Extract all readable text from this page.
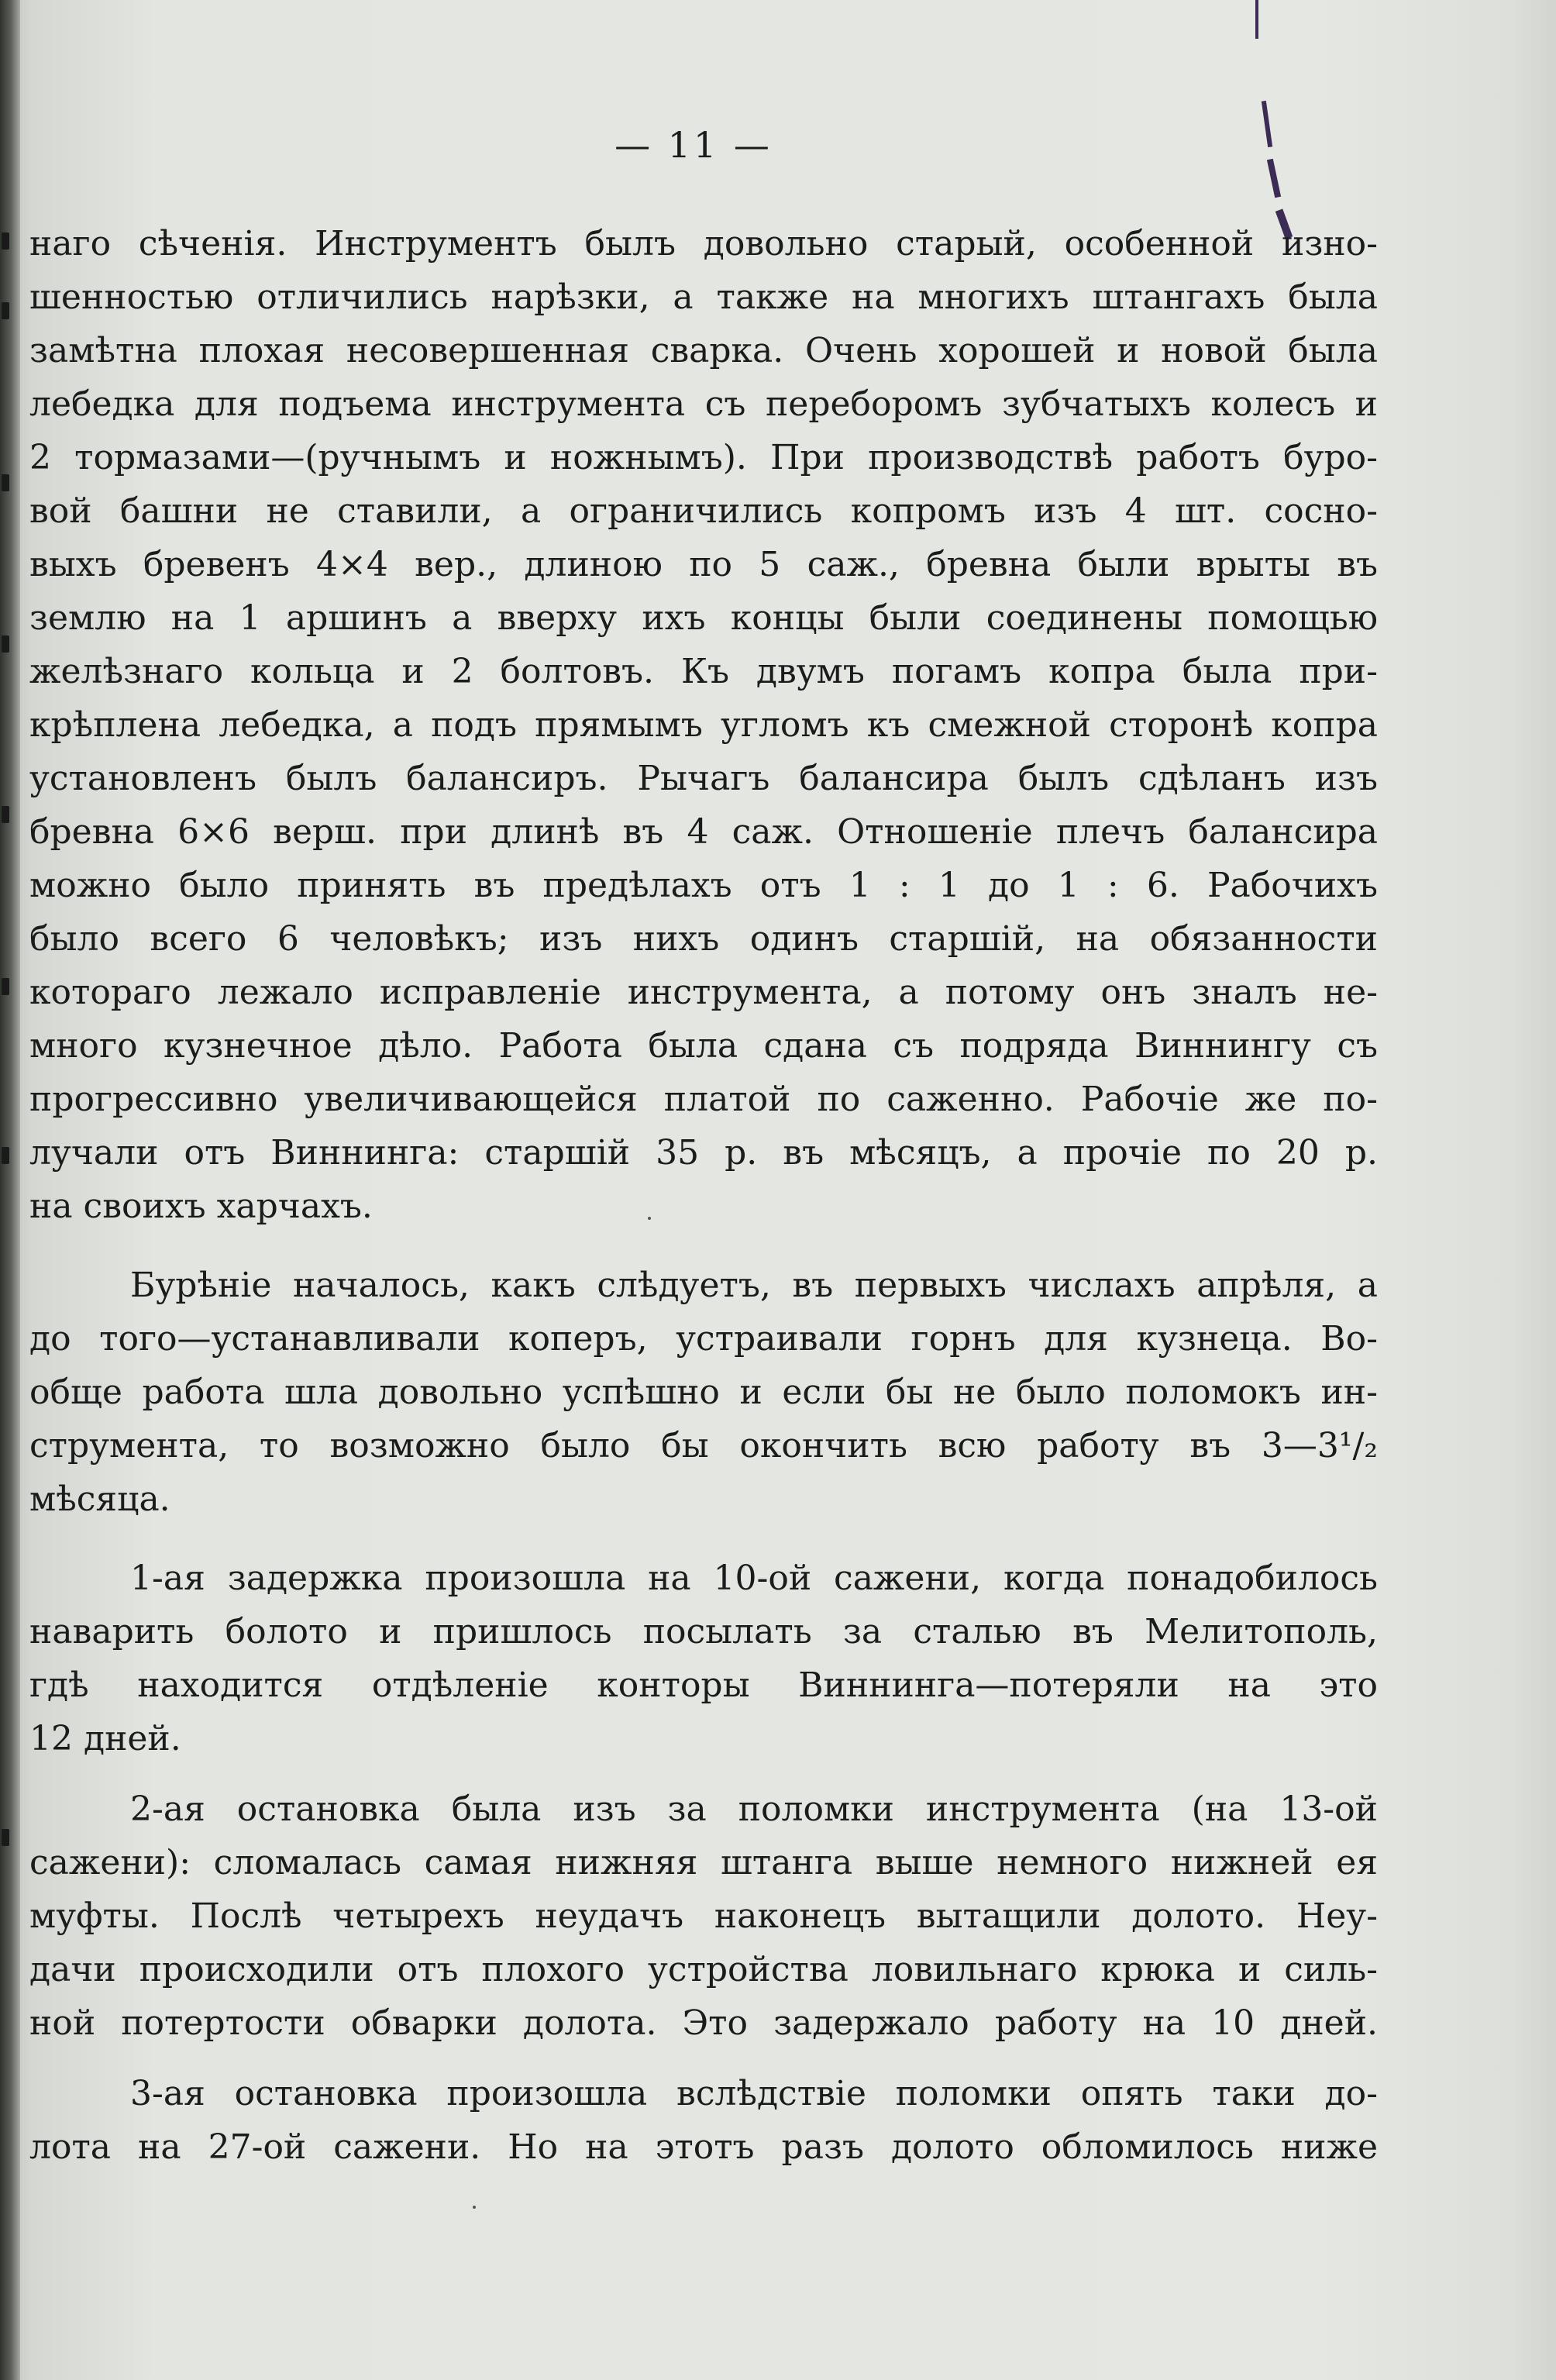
— 11 —
наго сѣченія. Инструментъ былъ довольно старый, особенной изно-
шенностью отличились нарѣзки, а также на многихъ штангахъ была
замѣтна плохая несовершенная сварка. Очень хорошей и новой была
лебедка для подъема инструмента съ переборомъ зубчатыхъ колесъ и
2 тормазами—(ручнымъ и ножнымъ). При производствѣ работъ буро-
вой башни не ставили, а ограничились копромъ изъ 4 шт. сосно-
выхъ бревенъ 4×4 вер., длиною по 5 саж., бревна были врыты въ
землю на 1 аршинъ а вверху ихъ концы были соединены помощью
желѣзнаго кольца и 2 болтовъ. Къ двумъ погамъ копра была при-
крѣплена лебедка, а подъ прямымъ угломъ къ смежной сторонѣ копра
установленъ былъ балансиръ. Рычагъ балансира былъ сдѣланъ изъ
бревна 6×6 верш. при длинѣ въ 4 саж. Отношеніе плечъ балансира
можно было принять въ предѣлахъ отъ 1 : 1 до 1 : 6. Рабочихъ
было всего 6 человѣкъ; изъ нихъ одинъ старшій, на обязанности
котораго лежало исправленіе инструмента, а потому онъ зналъ не-
много кузнечное дѣло. Работа была сдана съ подряда Виннингу съ
прогрессивно увеличивающейся платой по саженно. Рабочіе же по-
лучали отъ Виннинга: старшій 35 р. въ мѣсяцъ, а прочіе по 20 р.
на своихъ харчахъ.
Бурѣніе началось, какъ слѣдуетъ, въ первыхъ числахъ апрѣля, а
до того—устанавливали коперъ, устраивали горнъ для кузнеца. Во-
обще работа шла довольно успѣшно и если бы не было поломокъ ин-
струмента, то возможно было бы окончить всю работу въ 3—3¹/₂
мѣсяца.
1-ая задержка произошла на 10-ой сажени, когда понадобилось
наварить болото и пришлось посылать за сталью въ Мелитополь,
гдѣ находится отдѣленіе конторы Виннинга—потеряли на это
12 дней.
2-ая остановка была изъ за поломки инструмента (на 13-ой
сажени): сломалась самая нижняя штанга выше немного нижней ея
муфты. Послѣ четырехъ неудачъ наконецъ вытащили долото. Неу-
дачи происходили отъ плохого устройства ловильнаго крюка и силь-
ной потертости обварки долота. Это задержало работу на 10 дней.
3-ая остановка произошла вслѣдствіе поломки опять таки до-
лота на 27-ой сажени. Но на этотъ разъ долото обломилось ниже
